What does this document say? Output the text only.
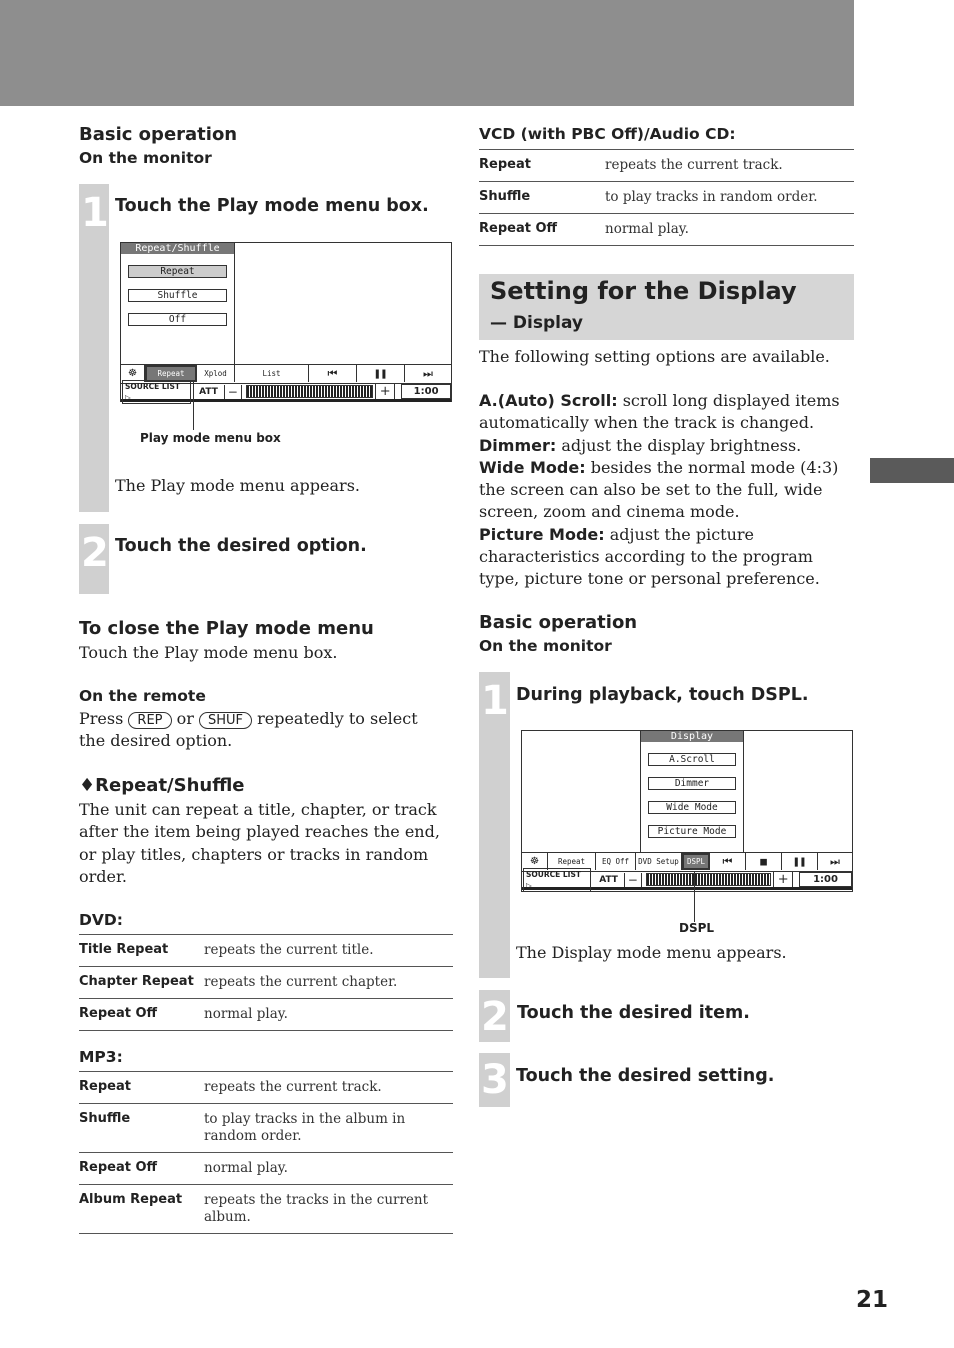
21
Basic operation
On the monitor
1 Touch the Play mode menu box.
Repeat/Shuffle
Repeat
Shuffle
Off
☸	Repeat	Xplod	List	⏮	❚❚	⏭
SOURCE LIST ▷
ATT −	+	1:00
Play mode menu box
The Play mode menu appears.
2 Touch the desired option.
To close the Play mode menu
Touch the Play mode menu box.
On the remote
Press REP or SHUF repeatedly to select
the desired option.
♦Repeat/Shuffle
The unit can repeat a title, chapter, or track after the item being played reaches the end, or play titles, chapters or tracks in random order.
DVD:
Title Repeat	repeats the current title.
Chapter Repeat	repeats the current chapter.
Repeat Off	normal play.
MP3:
Repeat	repeats the current track.
Shuffle	to play tracks in the album in random order.
Repeat Off	normal play.
Album Repeat	repeats the tracks in the current album.
VCD (with PBC Off)/Audio CD:
Repeat	repeats the current track.
Shuffle	to play tracks in random order.
Repeat Off	normal play.
Setting for the Display
— Display
The following setting options are available.
A.(Auto) Scroll: scroll long displayed items automatically when the track is changed.
Dimmer: adjust the display brightness.
Wide Mode: besides the normal mode (4:3) the screen can also be set to the full, wide screen, zoom and cinema mode.
Picture Mode: adjust the picture characteristics according to the program type, picture tone or personal preference.
Basic operation
On the monitor
1 During playback, touch DSPL.
Display
A.Scroll
Dimmer
Wide Mode
Picture Mode
☸	Repeat	EQ Off	DVD Setup	DSPL	⏮	■	❚❚	⏭
SOURCE LIST ▷
ATT −	+	1:00
DSPL
The Display mode menu appears.
2 Touch the desired item.
3 Touch the desired setting.
